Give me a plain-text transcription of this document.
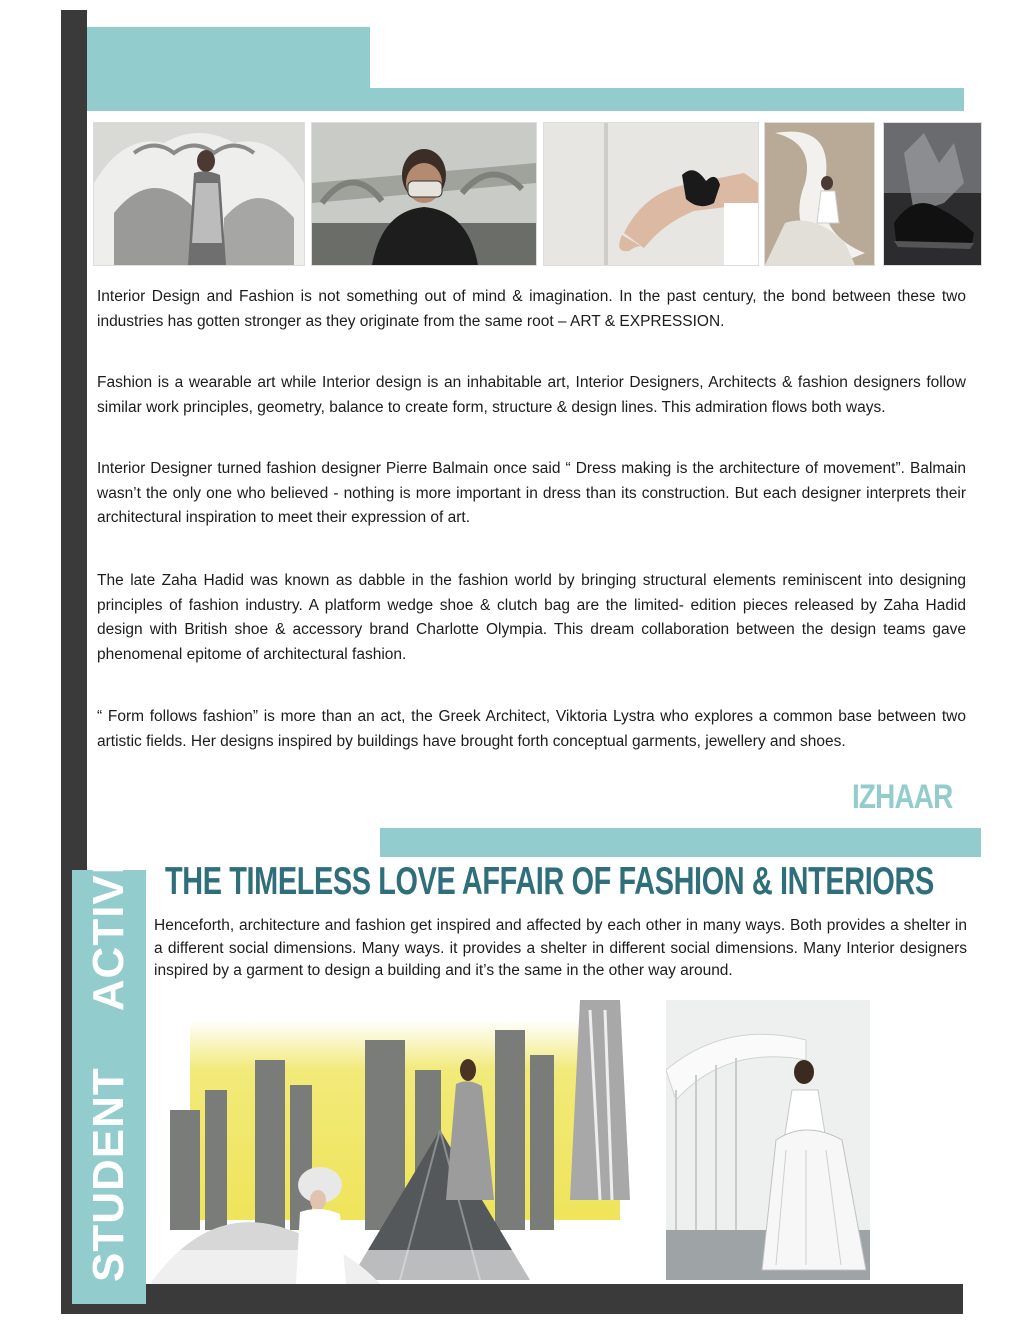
Interior Design and Fashion is not something out of mind & imagination. In the past century, the bond between these two industries has gotten stronger as they originate from the same root – ART & EXPRESSION.

Fashion is a wearable art while Interior design is an inhabitable art, Interior Designers, Architects & fashion designers follow similar work principles, geometry, balance to create form, structure & design lines. This admiration flows both ways.

Interior Designer turned fashion designer Pierre Balmain once said “ Dress making is the architecture of movement”. Balmain wasn’t the only one who believed - nothing is more important in dress than its construction. But each designer interprets their architectural inspiration to meet their expression of art.

The late Zaha Hadid was known as dabble in the fashion world by bringing structural elements reminiscent into designing principles of fashion industry. A platform wedge shoe & clutch bag are the limited- edition pieces released by Zaha Hadid design with British shoe & accessory brand Charlotte Olympia. This dream collaboration between the design teams gave phenomenal epitome of architectural fashion.

“ Form follows fashion” is more than an act, the Greek Architect, Viktoria Lystra who explores a common base between two artistic fields. Her designs inspired by buildings have brought forth conceptual garments, jewellery and shoes.

IZHAAR
THE TIMELESS LOVE AFFAIR OF FASHION & INTERIORS
STUDENTACTIVITIES Henceforth, architecture and fashion get inspired and affected by each other in many ways. Both provides a shelter in a different social dimensions. Many ways. it provides a shelter in different social dimensions. Many Interior designers inspired by a garment to design a building and it’s the same in the other way around.
